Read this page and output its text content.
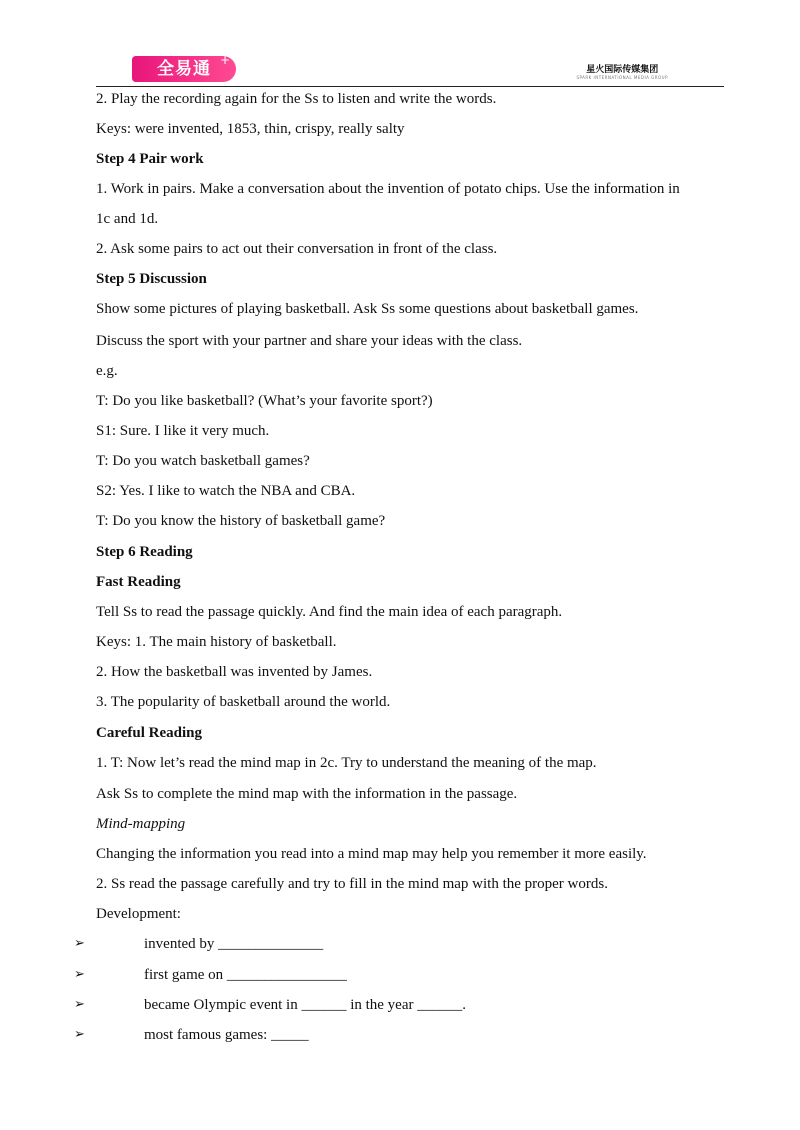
全易通 +
星火国际传媒集团
SPARK INTERNATIONAL MEDIA GROUP
2. Play the recording again for the Ss to listen and write the words.
Keys: were invented, 1853, thin, crispy, really salty
Step 4 Pair work
1. Work in pairs. Make a conversation about the invention of potato chips. Use the information in
1c and 1d.
2. Ask some pairs to act out their conversation in front of the class.
Step 5 Discussion
Show some pictures of playing basketball. Ask Ss some questions about basketball games.
Discuss the sport with your partner and share your ideas with the class.
e.g.
T: Do you like basketball? (What’s your favorite sport?)
S1: Sure. I like it very much.
T: Do you watch basketball games?
S2: Yes. I like to watch the NBA and CBA.
T: Do you know the history of basketball game?
Step 6 Reading
Fast Reading
Tell Ss to read the passage quickly. And find the main idea of each paragraph.
Keys: 1. The main history of basketball.
2. How the basketball was invented by James.
3. The popularity of basketball around the world.
Careful Reading
1. T: Now let’s read the mind map in 2c. Try to understand the meaning of the map.
Ask Ss to complete the mind map with the information in the passage.
Mind-mapping
Changing the information you read into a mind map may help you remember it more easily.
2. Ss read the passage carefully and try to fill in the mind map with the proper words.
Development:
➢	invented by ______________
➢	first game on ________________
➢	became Olympic event in ______ in the year ______.
➢	most famous games: _____
